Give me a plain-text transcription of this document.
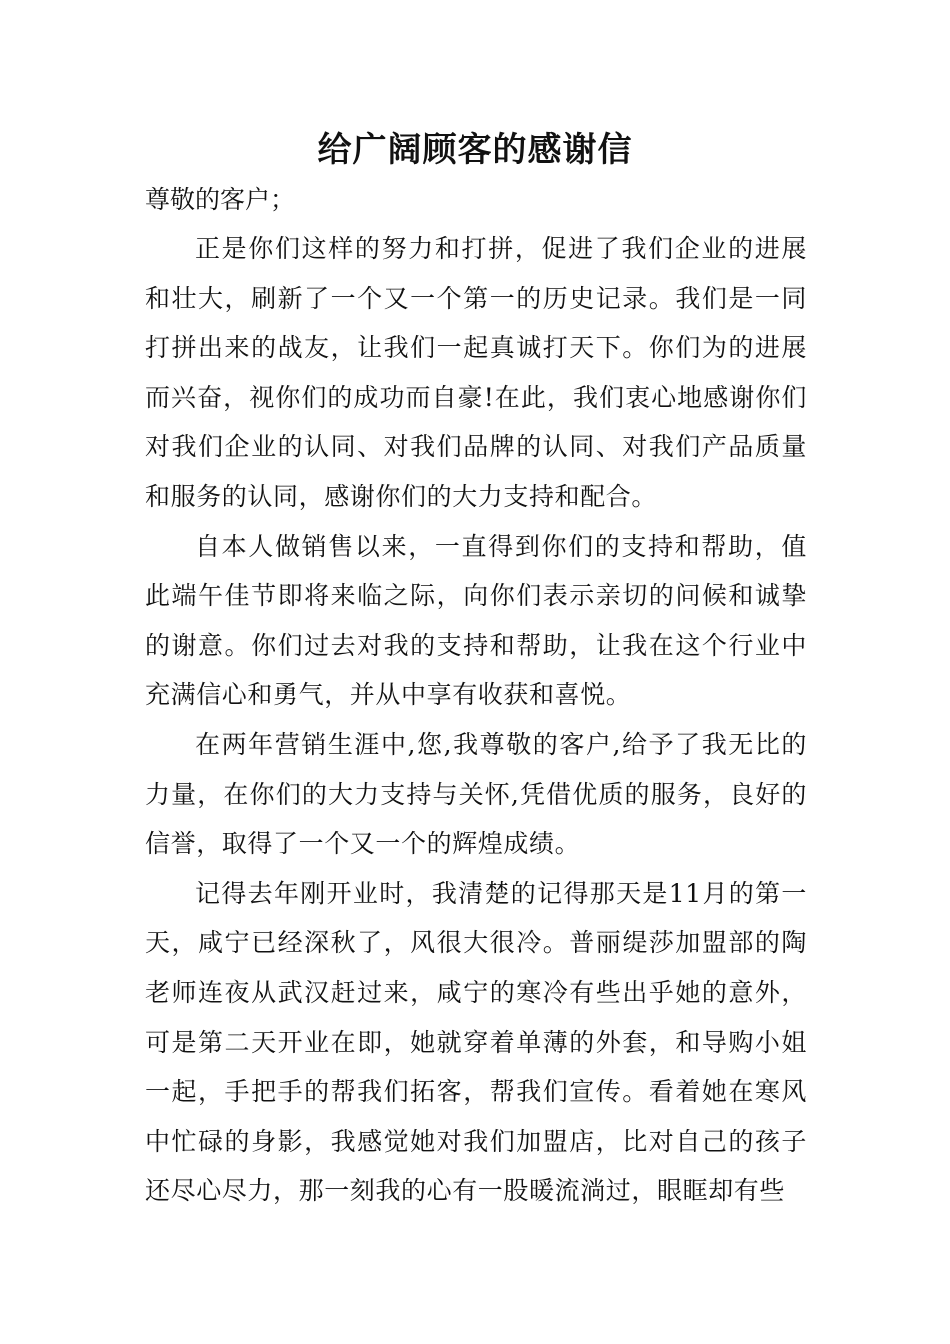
给广阔顾客的感谢信
尊敬的客户；

正是你们这样的努力和打拼，促进了我们企业的进展和壮大，刷新了一个又一个第一的历史记录。我们是一同打拼出来的战友，让我们一起真诚打天下。你们为的进展而兴奋，视你们的成功而自豪!在此，我们衷心地感谢你们对我们企业的认同、对我们品牌的认同、对我们产品质量和服务的认同，感谢你们的大力支持和配合。

自本人做销售以来，一直得到你们的支持和帮助，值此端午佳节即将来临之际，向你们表示亲切的问候和诚挚的谢意。你们过去对我的支持和帮助，让我在这个行业中充满信心和勇气，并从中享有收获和喜悦。

在两年营销生涯中,您,我尊敬的客户,给予了我无比的力量，在你们的大力支持与关怀,凭借优质的服务，良好的信誉，取得了一个又一个的辉煌成绩。

记得去年刚开业时，我清楚的记得那天是11月的第一天，咸宁已经深秋了，风很大很冷。普丽缇莎加盟部的陶老师连夜从武汉赶过来，咸宁的寒冷有些出乎她的意外，可是第二天开业在即，她就穿着单薄的外套，和导购小姐一起，手把手的帮我们拓客，帮我们宣传。看着她在寒风中忙碌的身影，我感觉她对我们加盟店，比对自己的孩子还尽心尽力，那一刻我的心有一股暖流淌过，眼眶却有些
